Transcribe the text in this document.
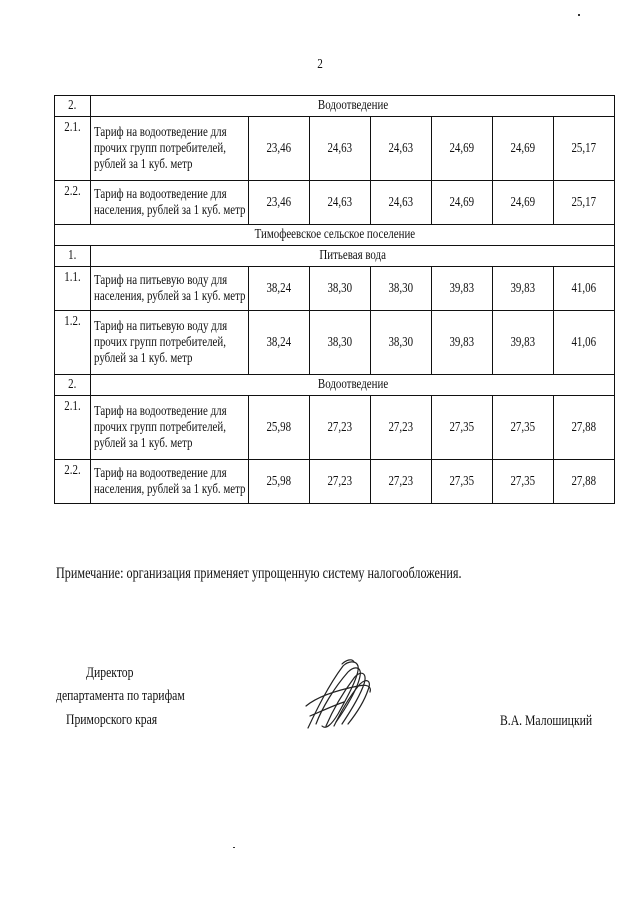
2
2.	Водоотведение						
2.1.	Тариф на водоотведение для
прочих групп потребителей,
рублей за 1 куб. метр	23,46	24,63	24,63	24,69	24,69	25,17
2.2.	Тариф на водоотведение для
населения, рублей за 1 куб. метр	23,46	24,63	24,63	24,69	24,69	25,17
Тимофеевское сельское поселение							
1.	Питьевая вода						
1.1.	Тариф на питьевую воду для
населения, рублей за 1 куб. метр	38,24	38,30	38,30	39,83	39,83	41,06
1.2.	Тариф на питьевую воду для
прочих групп потребителей,
рублей за 1 куб. метр	38,24	38,30	38,30	39,83	39,83	41,06
2.	Водоотведение						
2.1.	Тариф на водоотведение для
прочих групп потребителей,
рублей за 1 куб. метр	25,98	27,23	27,23	27,35	27,35	27,88
2.2.	Тариф на водоотведение для
населения, рублей за 1 куб. метр	25,98	27,23	27,23	27,35	27,35	27,88
Примечание: организация применяет упрощенную систему налогообложения.
Директор
департамента по тарифам
Приморского края	В.А. Малошицкий
